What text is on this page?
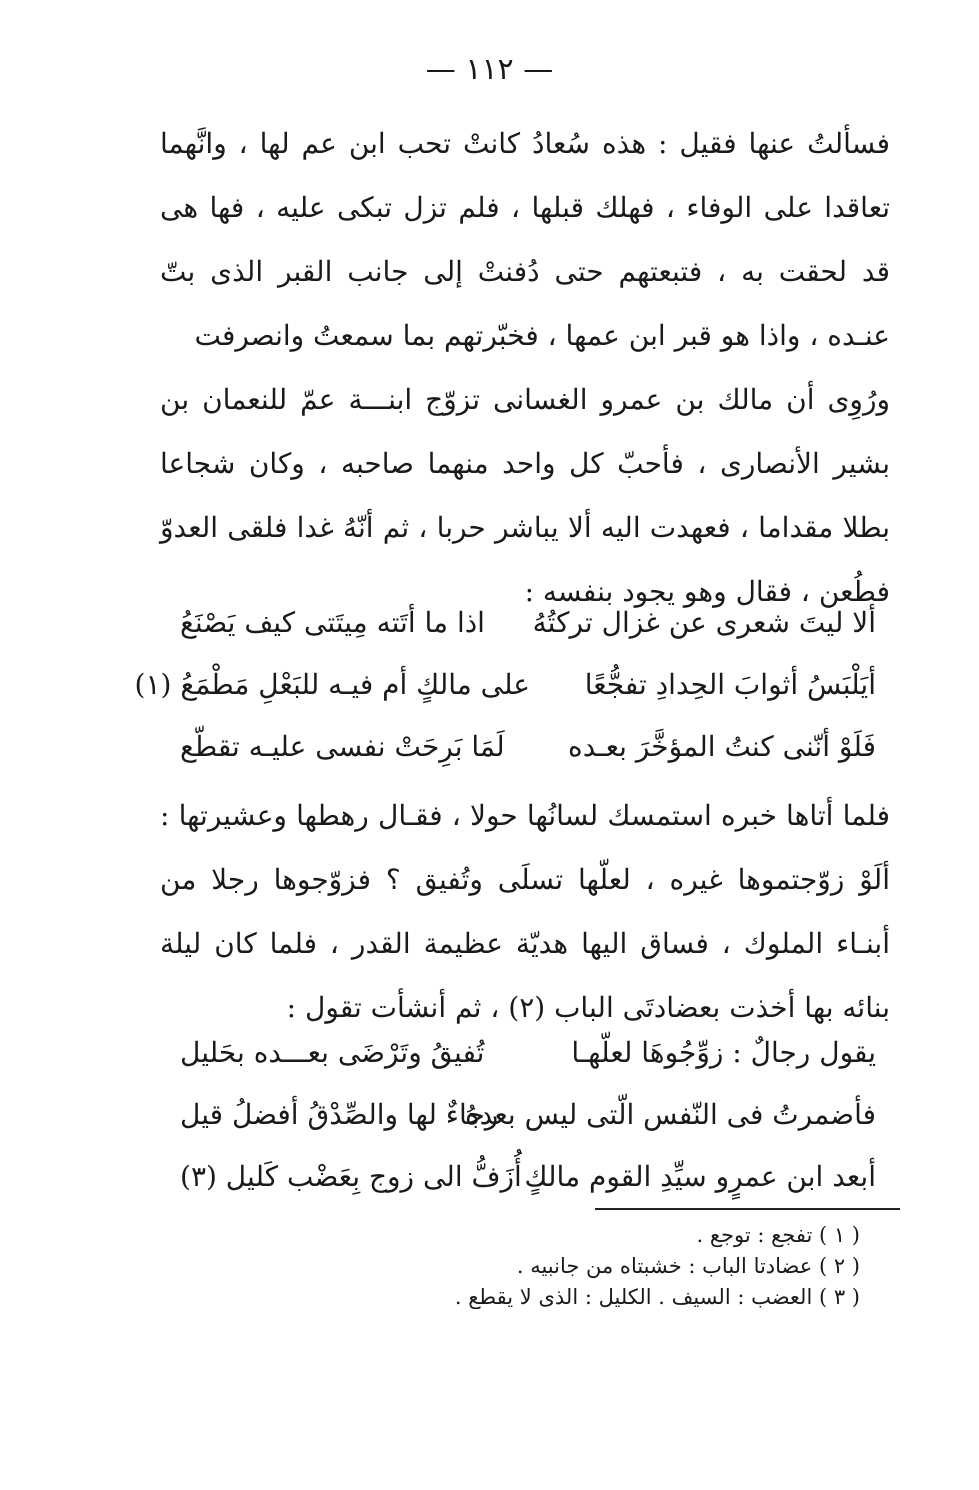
— ١١٢ —
فسألتُ عنها فقيل : هذه سُعادُ كانتْ تحب ابن عم لها ، وانَّهما تعاقدا على الوفاء ، فهلك قبلها ، فلم تزل تبكى عليه ، فها هى قد لحقت به ، فتبعتهم حتى دُفنتْ إلى جانب القبر الذى بتّ عنـده ، واذا هو قبر ابن عمها ، فخبّرتهم بما سمعتُ وانصرفت
ورُوِى أن مالك بن عمرو الغسانى تزوّج ابنـــة عمّ للنعمان بن بشير الأنصارى ، فأحبّ كل واحد منهما صاحبه ، وكان شجاعا بطلا مقداما ، فعهدت اليه ألا يباشر حربا ، ثم أنّهُ غدا فلقى العدوّ فطُعن ، فقال وهو يجود بنفسه :
ألا ليتَ شعرى عن غزال تركتُهُ
اذا ما أتَته مِيتَتى كيف يَصْنَعُ
أيَلْبَسُ أثوابَ الحِدادِ تفجُّعًا
على مالكٍ أم فيـه للبَعْلِ مَطْمَعُ (١)
فَلَوْ أنّنى كنتُ المؤخَّرَ بعـده
لَمَا بَرِحَتْ نفسى عليـه تقطّع
فلما أتاها خبره استمسك لسانُها حولا ، فقـال رهطها وعشيرتها : ألَوْ زوّجتموها غيره ، لعلّها تسلَى وتُفيق ؟ فزوّجوها رجلا من أبنـاء الملوك ، فساق اليها هديّة عظيمة القدر ، فلما كان ليلة بنائه بها أخذت بعضادتَى الباب (٢) ، ثم أنشأت تقول :
يقول رجالٌ : زوِّجُوهَا لعلّهـا
تُفيقُ وتَرْضَى بعـــده بحَليل
فأضمرتُ فى النّفس الّتى ليس بعدهُ
رجاءٌ لها والصِّدْقُ أفضلُ قيل
أبعد ابن عمرٍو سيِّدِ القوم مالكٍ
أُزَفُّ الى زوج بِعَضْب كَليل (٣)
( ١ ) تفجع : توجع .
( ٢ ) عضادتا الباب : خشبتاه من جانبيه .
( ٣ ) العضب : السيف . الكليل : الذى لا يقطع .
